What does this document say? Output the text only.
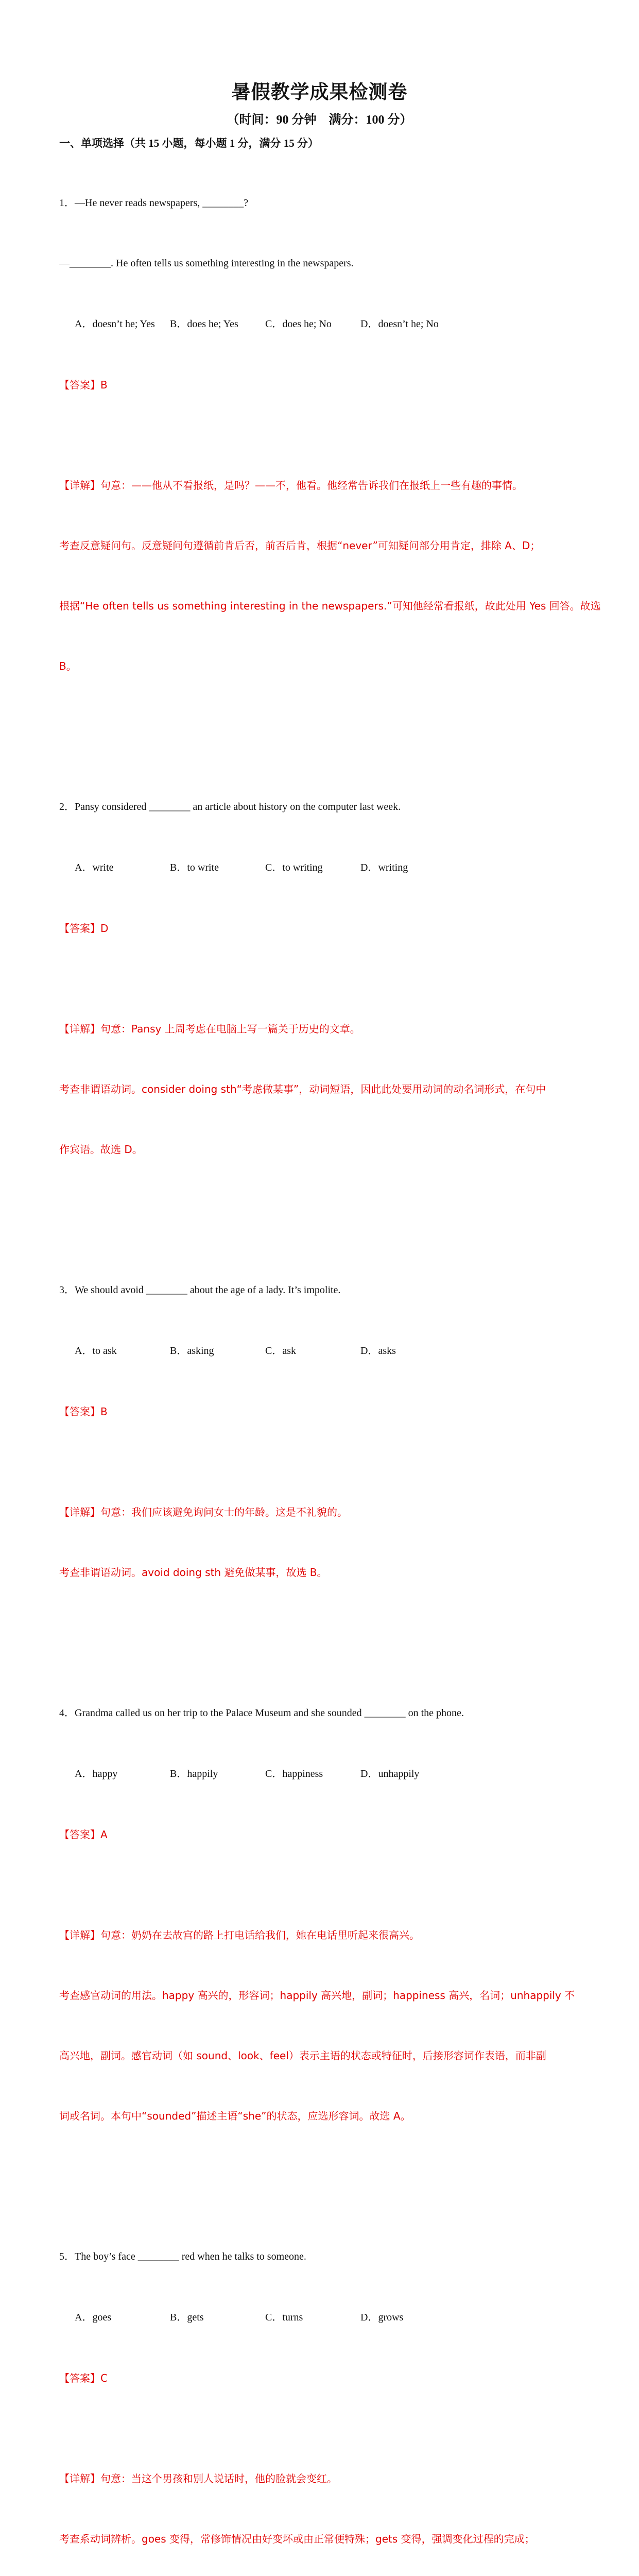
暑假教学成果检测卷
（时间：90 分钟　满分：100 分）
一、单项选择（共 15 小题，每小题 1 分，满分 15 分）

1．—He never reads newspapers, ________?

—________. He often tells us something interesting in the newspapers.

A．doesn’t he; Yes	B．does he; Yes	C．does he; No	D．doesn’t he; No

【答案】B

【详解】句意：——他从不看报纸，是吗？——不，他看。他经常告诉我们在报纸上一些有趣的事情。

考查反意疑问句。反意疑问句遵循前肯后否，前否后肯，根据“never”可知疑问部分用肯定，排除 A、D；

根据“He often tells us something interesting in the newspapers.”可知他经常看报纸，故此处用 Yes 回答。故选

B。

2．Pansy considered ________ an article about history on the computer last week.

A．write	B．to write	C．to writing	D．writing

【答案】D

【详解】句意：Pansy 上周考虑在电脑上写一篇关于历史的文章。

考查非谓语动词。consider doing sth“考虑做某事”，动词短语，因此此处要用动词的动名词形式，在句中

作宾语。故选 D。

3．We should avoid ________ about the age of a lady. It’s impolite.

A．to ask	B．asking	C．ask	D．asks

【答案】B

【详解】句意：我们应该避免询问女士的年龄。这是不礼貌的。

考查非谓语动词。avoid doing sth 避免做某事，故选 B。

4．Grandma called us on her trip to the Palace Museum and she sounded ________ on the phone.

A．happy	B．happily	C．happiness	D．unhappily

【答案】A

【详解】句意：奶奶在去故宫的路上打电话给我们，她在电话里听起来很高兴。

考查感官动词的用法。happy 高兴的，形容词；happily 高兴地，副词；happiness 高兴，名词；unhappily 不

高兴地，副词。感官动词（如 sound、look、feel）表示主语的状态或特征时，后接形容词作表语，而非副

词或名词。本句中“sounded”描述主语“she”的状态，应选形容词。故选 A。

5．The boy’s face ________ red when he talks to someone.

A．goes	B．gets	C．turns	D．grows

【答案】C

【详解】句意：当这个男孩和别人说话时，他的脸就会变红。

考查系动词辨析。goes 变得，常修饰情况由好变坏或由正常便特殊；gets 变得，强调变化过程的完成；
